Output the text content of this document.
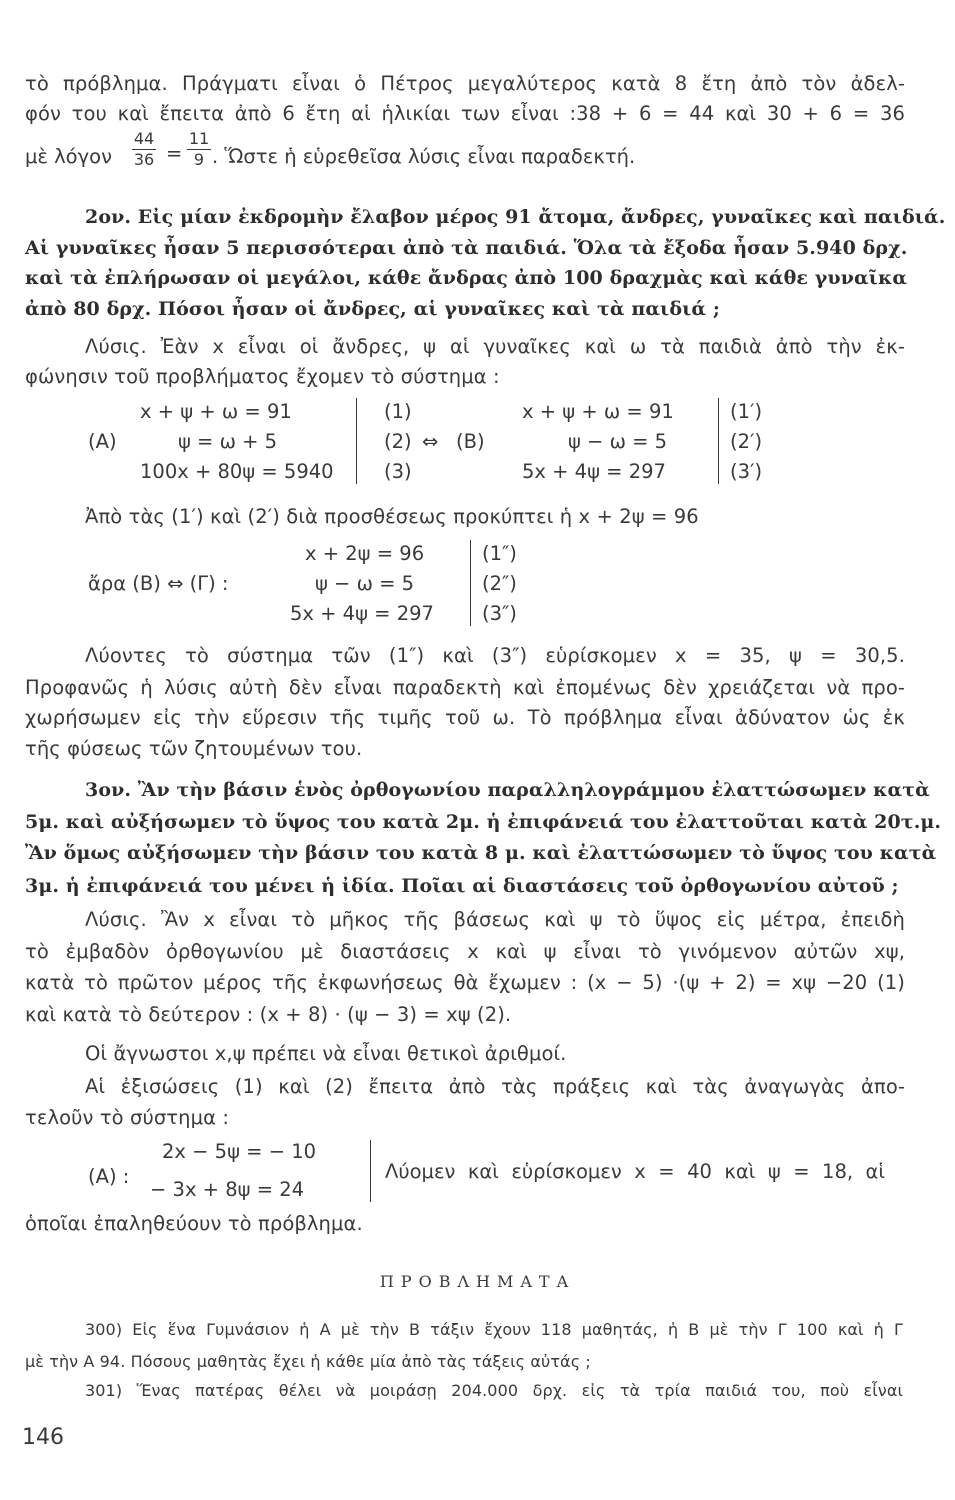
τὸ πρόβλημα. Πράγματι εἶναι ὁ Πέτρος μεγαλύτερος κατὰ 8 ἔτη ἀπὸ τὸν ἀδελ-
φόν του καὶ ἔπειτα ἀπὸ 6 ἔτη αἱ ἡλικίαι των εἶναι :38 + 6 = 44 καὶ 30 + 6 = 36
μὲ λόγον
44
36 =
11
9 . Ὥστε ἡ εὑρεθεῖσα λύσις εἶναι παραδεκτή.
2ον. Εἰς μίαν ἐκδρομὴν ἔλαβον μέρος 91 ἄτομα, ἄνδρες, γυναῖκες καὶ παιδιά.
Αἱ γυναῖκες ἦσαν 5 περισσότεραι ἀπὸ τὰ παιδιά. Ὅλα τὰ ἔξοδα ἦσαν 5.940 δρχ.
καὶ τὰ ἐπλήρωσαν οἱ μεγάλοι, κάθε ἄνδρας ἀπὸ 100 δραχμὰς καὶ κάθε γυναῖκα
ἀπὸ 80 δρχ. Πόσοι ἦσαν οἱ ἄνδρες, αἱ γυναῖκες καὶ τὰ παιδιά ;
Λύσις. Ἐὰν x εἶναι οἱ ἄνδρες, ψ αἱ γυναῖκες καὶ ω τὰ παιδιὰ ἀπὸ τὴν ἐκ-
φώνησιν τοῦ προβλήματος ἔχομεν τὸ σύστημα :
(A)
x + ψ + ω = 91
ψ = ω + 5
100x + 80ψ = 5940
(1)
(2)
(3)
⇔ (B)
x + ψ + ω = 91
ψ − ω = 5
5x + 4ψ = 297
(1′)
(2′)
(3′)
Ἀπὸ τὰς (1′) καὶ (2′) διὰ προσθέσεως προκύπτει ἡ x + 2ψ = 96
ἄρα (B) ⇔ (Γ) :
x + 2ψ = 96
ψ − ω = 5
5x + 4ψ = 297
(1″)
(2″)
(3″)
Λύοντες τὸ σύστημα τῶν (1″) καὶ (3″) εὑρίσκομεν x = 35, ψ = 30,5.
Προφανῶς ἡ λύσις αὐτὴ δὲν εἶναι παραδεκτὴ καὶ ἐπομένως δὲν χρειάζεται νὰ προ-
χωρήσωμεν εἰς τὴν εὕρεσιν τῆς τιμῆς τοῦ ω. Τὸ πρόβλημα εἶναι ἀδύνατον ὡς ἐκ
τῆς φύσεως τῶν ζητουμένων του.
3ον. Ἂν τὴν βάσιν ἑνὸς ὀρθογωνίου παραλληλογράμμου ἐλαττώσωμεν κατὰ
5μ. καὶ αὐξήσωμεν τὸ ὕψος του κατὰ 2μ. ἡ ἐπιφάνειά του ἐλαττοῦται κατὰ 20τ.μ.
Ἂν ὅμως αὐξήσωμεν τὴν βάσιν του κατὰ 8 μ. καὶ ἐλαττώσωμεν τὸ ὕψος του κατὰ
3μ. ἡ ἐπιφάνειά του μένει ἡ ἰδία. Ποῖαι αἱ διαστάσεις τοῦ ὀρθογωνίου αὐτοῦ ;
Λύσις. Ἂν x εἶναι τὸ μῆκος τῆς βάσεως καὶ ψ τὸ ὕψος εἰς μέτρα, ἐπειδὴ
τὸ ἐμβαδὸν ὀρθογωνίου μὲ διαστάσεις x καὶ ψ εἶναι τὸ γινόμενον αὐτῶν xψ,
κατὰ τὸ πρῶτον μέρος τῆς ἐκφωνήσεως θὰ ἔχωμεν : (x − 5) ·(ψ + 2) = xψ −20 (1)
καὶ κατὰ τὸ δεύτερον : (x + 8) · (ψ − 3) = xψ (2).
Οἱ ἄγνωστοι x,ψ πρέπει νὰ εἶναι θετικοὶ ἀριθμοί.
Αἱ ἐξισώσεις (1) καὶ (2) ἔπειτα ἀπὸ τὰς πράξεις καὶ τὰς ἀναγωγὰς ἀπο-
τελοῦν τὸ σύστημα :
(A) :
2x − 5ψ = − 10
− 3x + 8ψ = 24
Λύομεν καὶ εὑρίσκομεν x = 40 καὶ ψ = 18, αἱ
ὁποῖαι ἐπαληθεύουν τὸ πρόβλημα.
ΠΡΟΒΛΗΜΑΤΑ
300) Εἰς ἕνα Γυμνάσιον ἡ Α μὲ τὴν Β τάξιν ἔχουν 118 μαθητάς, ἡ Β μὲ τὴν Γ 100 καὶ ἡ Γ
μὲ τὴν Α 94. Πόσους μαθητὰς ἔχει ἡ κάθε μία ἀπὸ τὰς τάξεις αὐτάς ;
301) Ἕνας πατέρας θέλει νὰ μοιράσῃ 204.000 δρχ. εἰς τὰ τρία παιδιά του, ποὺ εἶναι
146
